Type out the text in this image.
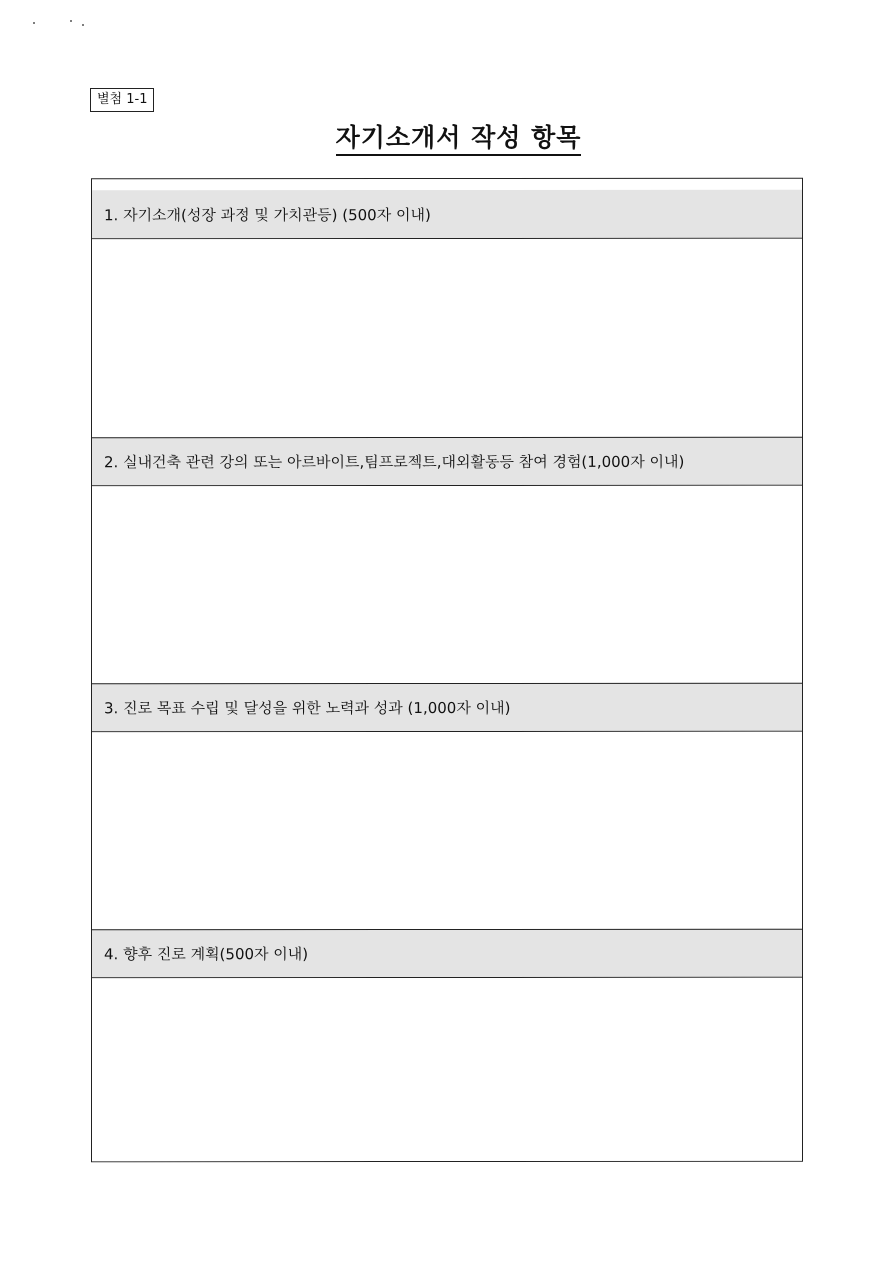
별첨 1-1
자기소개서 작성 항목
1. 자기소개(성장 과정 및 가치관등) (500자 이내)
2. 실내건축 관련 강의 또는 아르바이트,팀프로젝트,대외활동등 참여 경험(1,000자 이내)
3. 진로 목표 수립 및 달성을 위한 노력과 성과 (1,000자 이내)
4. 향후 진로 계획(500자 이내)
